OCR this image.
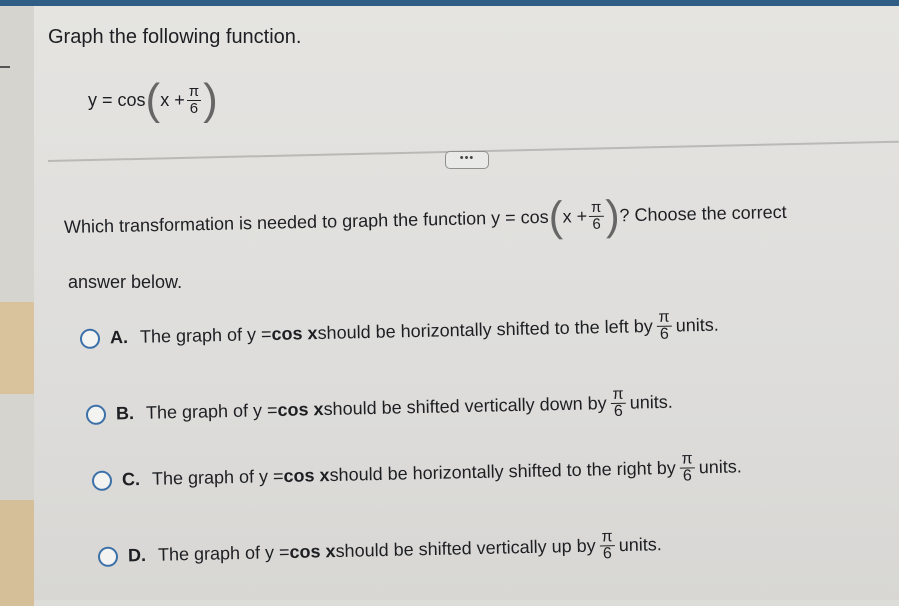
Graph the following function.
y = cos ( $x + \frac{\pi}{6}$ )
•••
Which transformation is needed to graph the function y = cos ( $x + \frac{\pi}{6}$ ) ? Choose the correct
answer below.
A. The graph of y = cos x should be horizontally shifted to the left by $\frac{\pi}{6}$ units.
B. The graph of y = cos x should be shifted vertically down by $\frac{\pi}{6}$ units.
C. The graph of y = cos x should be horizontally shifted to the right by $\frac{\pi}{6}$ units.
D. The graph of y = cos x should be shifted vertically up by $\frac{\pi}{6}$ units.
